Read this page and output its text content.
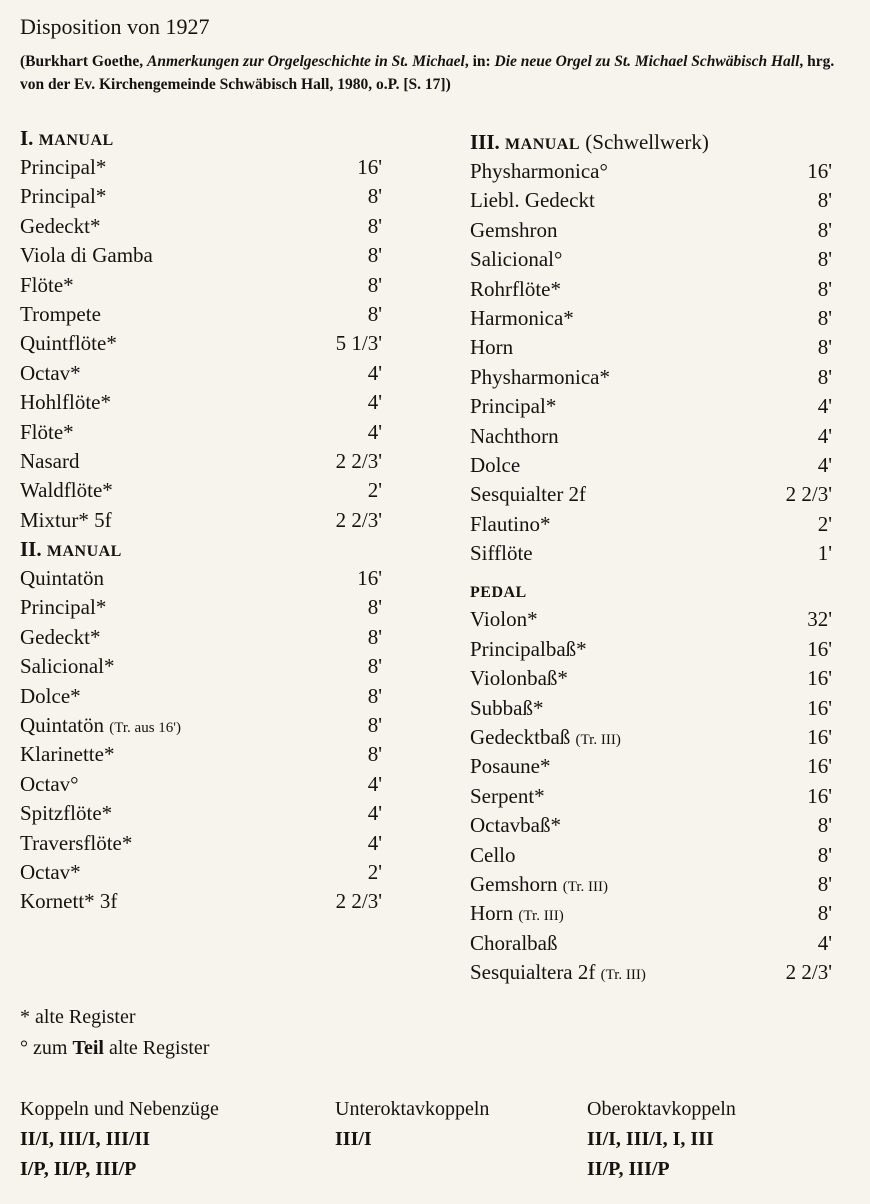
Disposition von 1927
(Burkhart Goethe, Anmerkungen zur Orgelgeschichte in St. Michael, in: Die neue Orgel zu St. Michael Schwäbisch Hall, hrg. von der Ev. Kirchengemeinde Schwäbisch Hall, 1980, o.P. [S. 17])
I. MANUAL
Principal*	16'
Principal*	8'
Gedeckt*	8'
Viola di Gamba	8'
Flöte*	8'
Trompete	8'
Quintflöte*	5 1/3'
Octav*	4'
Hohlflöte*	4'
Flöte*	4'
Nasard	2 2/3'
Waldflöte*	2'
Mixtur* 5f	2 2/3'
II. MANUAL
Quintatön	16'
Principal*	8'
Gedeckt*	8'
Salicional*	8'
Dolce*	8'
Quintatön (Tr. aus 16')	8'
Klarinette*	8'
Octav°	4'
Spitzflöte*	4'
Traversflöte*	4'
Octav*	2'
Kornett* 3f	2 2/3'
III. MANUAL (Schwellwerk)
Physharmonica°	16'
Liebl. Gedeckt	8'
Gemshron	8'
Salicional°	8'
Rohrflöte*	8'
Harmonica*	8'
Horn	8'
Physharmonica*	8'
Principal*	4'
Nachthorn	4'
Dolce	4'
Sesquialter 2f	2 2/3'
Flautino*	2'
Sifflöte	1'
PEDAL
Violon*	32'
Principalbaß*	16'
Violonbaß*	16'
Subbaß*	16'
Gedecktbaß (Tr. III)	16'
Posaune*	16'
Serpent*	16'
Octavbaß*	8'
Cello	8'
Gemshorn (Tr. III)	8'
Horn (Tr. III)	8'
Choralbaß	4'
Sesquialtera 2f (Tr. III)	2 2/3'
* alte Register
° zum Teil alte Register
Koppeln und Nebenzüge
II/I, III/I, III/II
I/P, II/P, III/P
Unteroktavkoppeln
III/I
Oberoktavkoppeln
II/I, III/I, I, III
II/P, III/P
